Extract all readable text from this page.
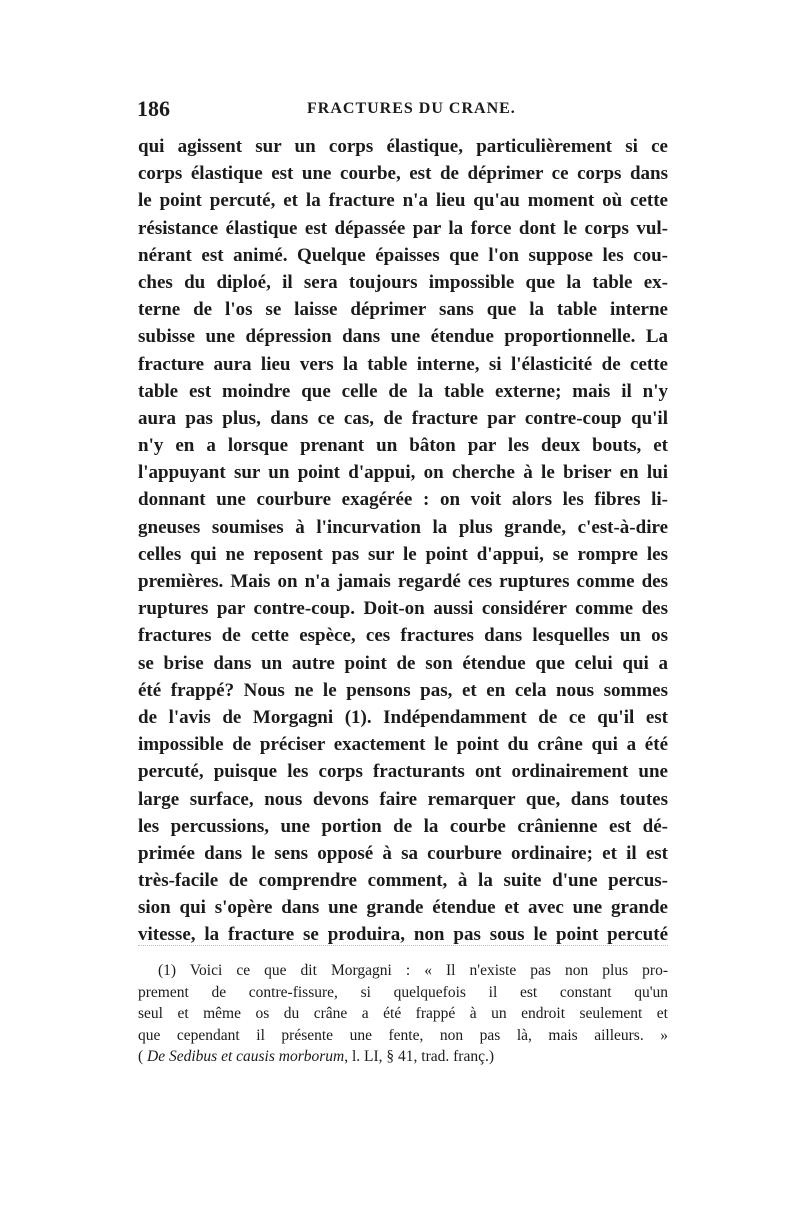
186	FRACTURES DU CRANE.
qui agissent sur un corps élastique, particulièrement si ce
corps élastique est une courbe, est de déprimer ce corps dans
le point percuté, et la fracture n'a lieu qu'au moment où cette
résistance élastique est dépassée par la force dont le corps vul-
nérant est animé. Quelque épaisses que l'on suppose les cou-
ches du diploé, il sera toujours impossible que la table ex-
terne de l'os se laisse déprimer sans que la table interne
subisse une dépression dans une étendue proportionnelle. La
fracture aura lieu vers la table interne, si l'élasticité de cette
table est moindre que celle de la table externe; mais il n'y
aura pas plus, dans ce cas, de fracture par contre-coup qu'il
n'y en a lorsque prenant un bâton par les deux bouts, et
l'appuyant sur un point d'appui, on cherche à le briser en lui
donnant une courbure exagérée : on voit alors les fibres li-
gneuses soumises à l'incurvation la plus grande, c'est-à-dire
celles qui ne reposent pas sur le point d'appui, se rompre les
premières. Mais on n'a jamais regardé ces ruptures comme des
ruptures par contre-coup. Doit-on aussi considérer comme des
fractures de cette espèce, ces fractures dans lesquelles un os
se brise dans un autre point de son étendue que celui qui a
été frappé? Nous ne le pensons pas, et en cela nous sommes
de l'avis de Morgagni (1). Indépendamment de ce qu'il est
impossible de préciser exactement le point du crâne qui a été
percuté, puisque les corps fracturants ont ordinairement une
large surface, nous devons faire remarquer que, dans toutes
les percussions, une portion de la courbe crânienne est dé-
primée dans le sens opposé à sa courbure ordinaire; et il est
très-facile de comprendre comment, à la suite d'une percus-
sion qui s'opère dans une grande étendue et avec une grande
vitesse, la fracture se produira, non pas sous le point percuté
(1) Voici ce que dit Morgagni : « Il n'existe pas non plus pro-
prement de contre-fissure, si quelquefois il est constant qu'un
seul et même os du crâne a été frappé à un endroit seulement et
que cependant il présente une fente, non pas là, mais ailleurs. »
( De Sedibus et causis morborum, l. LI, § 41, trad. franç.)
